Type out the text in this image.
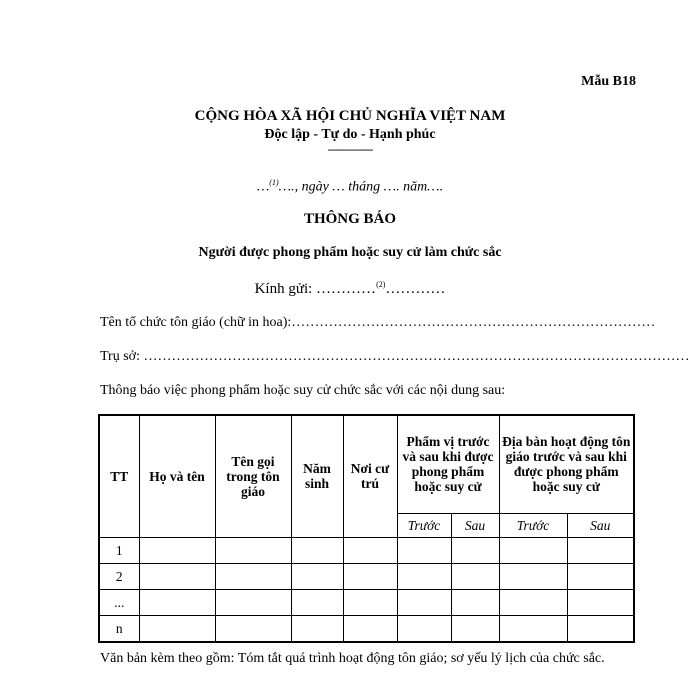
Mẫu B18
CỘNG HÒA XÃ HỘI CHỦ NGHĨA VIỆT NAM
Độc lập - Tự do - Hạnh phúc
---------------
…$^{(1)}$…., ngày … tháng …. năm….
THÔNG BÁO
Người được phong phẩm hoặc suy cử làm chức sắc
Kính gửi: …………$^{(2)}$…………
Tên tổ chức tôn giáo (chữ in hoa):……………………………………………………………………
Trụ sở: ………………………………………………………………………………………………………
Thông báo việc phong phẩm hoặc suy cử chức sắc với các nội dung sau:
TT	Họ và tên	Tên gọi trong tôn giáo	Năm sinh	Nơi cư trú	Phẩm vị trước và sau khi được phong phẩm hoặc suy cử		Địa bàn hoạt động tôn giáo trước và sau khi được phong phẩm hoặc suy cử	
					Trước	Sau	Trước	Sau
1								
2								
...								
n								
Văn bản kèm theo gồm: Tóm tắt quá trình hoạt động tôn giáo; sơ yếu lý lịch của chức sắc.
